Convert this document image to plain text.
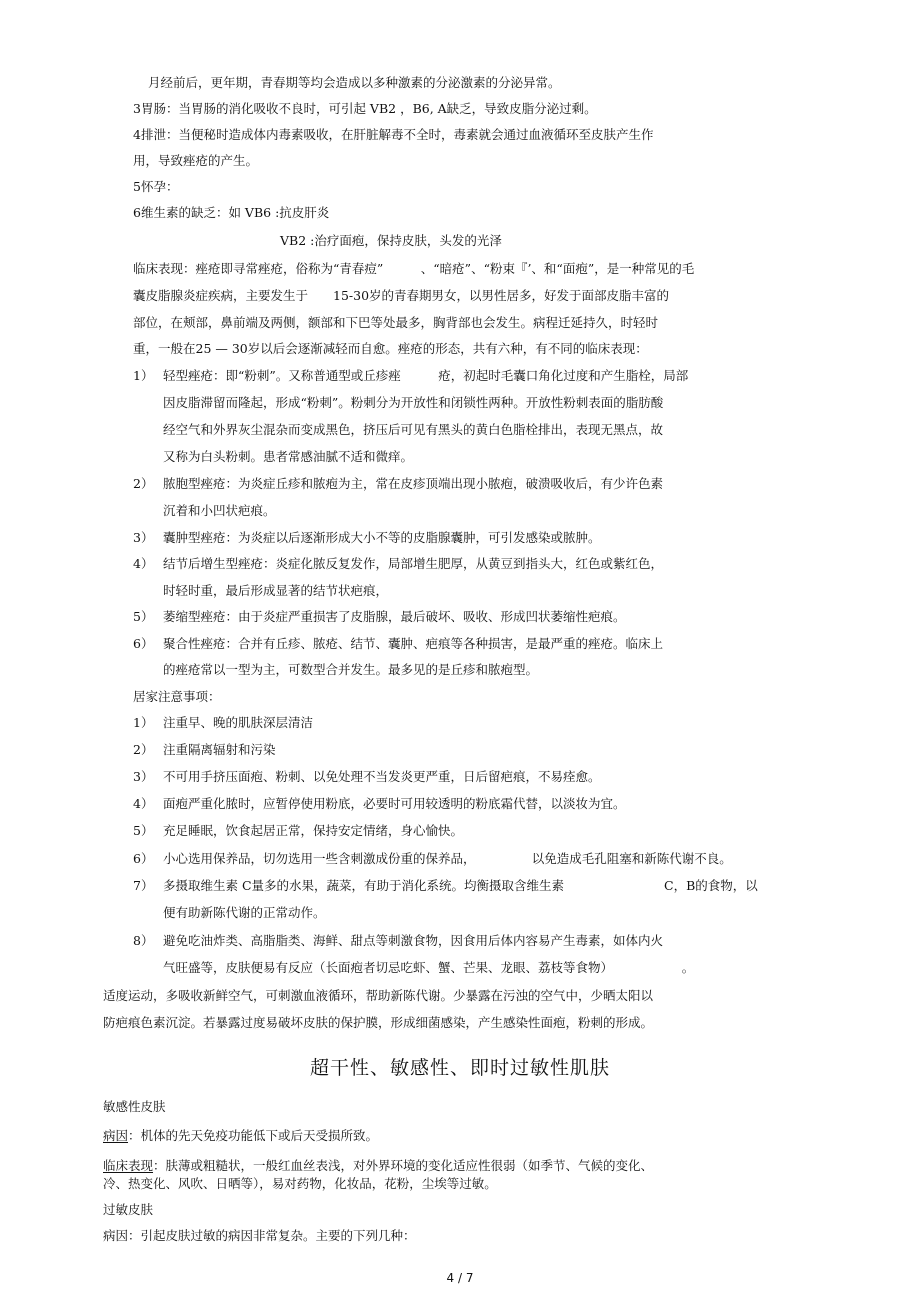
月经前后，更年期，青春期等均会造成以多种激素的分泌激素的分泌异常。
3胃肠：当胃肠的消化吸收不良时，可引起 VB2 ，B6, A缺乏，导致皮脂分泌过剩。
4排泄：当便秘时造成体内毒素吸收，在肝脏解毒不全时，毒素就会通过血液循环至皮肤产生作
用，导致痤疮的产生。
5怀孕：
6维生素的缺乏：如 VB6 :抗皮肝炎
VB2 :治疗面疱，保持皮肤，头发的光泽
临床表现：痤疮即寻常痤疮，俗称为“青春痘”　　　、“暗疮”、“粉束『’、和“面疱”，是一种常见的毛
囊皮脂腺炎症疾病，主要发生于　　15-30岁的青春期男女，以男性居多，好发于面部皮脂丰富的
部位，在颊部，鼻前端及两侧，额部和下巴等处最多，胸背部也会发生。病程迁延持久，时轻时
重，一般在25 — 30岁以后会逐渐减轻而自愈。痤疮的形态，共有六种，有不同的临床表现：
1） 轻型痤疮：即“粉刺”。又称普通型或丘疹痤　　　疮，初起时毛囊口角化过度和产生脂栓，局部
因皮脂滞留而隆起，形成“粉刺”。粉刺分为开放性和闭锁性两种。开放性粉刺表面的脂肪酸
经空气和外界灰尘混杂而变成黑色，挤压后可见有黑头的黄白色脂栓排出，表现无黑点，故
又称为白头粉刺。患者常感油腻不适和微痒。
2） 脓胞型痤疮：为炎症丘疹和脓疱为主，常在皮疹顶端出现小脓疱，破溃吸收后，有少许色素
沉着和小凹状疤痕。
3） 囊肿型痤疮：为炎症以后逐渐形成大小不等的皮脂腺囊肿，可引发感染或脓肿。
4） 结节后增生型痤疮：炎症化脓反复发作，局部增生肥厚，从黄豆到指头大，红色或紫红色，
时轻时重，最后形成显著的结节状疤痕，
5） 萎缩型痤疮：由于炎症严重损害了皮脂腺，最后破坏、吸收、形成凹状萎缩性疤痕。
6） 聚合性痤疮：合并有丘疹、脓疮、结节、囊肿、疤痕等各种损害，是最严重的痤疮。临床上
的痤疮常以一型为主，可数型合并发生。最多见的是丘疹和脓疱型。
居家注意事项：
1） 注重早、晚的肌肤深层清洁
2） 注重隔离辐射和污染
3） 不可用手挤压面疱、粉刺、以免处理不当发炎更严重，日后留疤痕，不易痊愈。
4） 面疱严重化脓时，应暂停使用粉底，必要时可用较透明的粉底霜代替，以淡妆为宜。
5） 充足睡眠，饮食起居正常，保持安定情绪，身心愉快。
6） 小心选用保养品，切勿选用一些含刺激成份重的保养品，　　　　　以免造成毛孔阻塞和新陈代谢不良。
7） 多摄取维生素 C量多的水果，蔬菜，有助于消化系统。均衡摄取含维生素　　　　　　　　C，B的食物，以
便有助新陈代谢的正常动作。
8） 避免吃油炸类、高脂脂类、海鲜、甜点等刺激食物，因食用后体内容易产生毒素，如体内火
气旺盛等，皮肤便易有反应（长面疱者切忌吃虾、蟹、芒果、龙眼、荔枝等食物）　　　　　　。
适度运动，多吸收新鲜空气，可刺激血液循环，帮助新陈代谢。少暴露在污浊的空气中，少晒太阳以
防疤痕色素沉淀。若暴露过度易破坏皮肤的保护膜，形成细菌感染，产生感染性面疱，粉刺的形成。
超干性、敏感性、即时过敏性肌肤
敏感性皮肤
病因：机体的先天免疫功能低下或后天受损所致。
临床表现：肤薄或粗糙状，一般红血丝表浅，对外界环境的变化适应性很弱（如季节、气候的变化、
冷、热变化、风吹、日晒等），易对药物，化妆品，花粉，尘埃等过敏。
过敏皮肤
病因：引起皮肤过敏的病因非常复杂。主要的下列几种：
4 / 7
